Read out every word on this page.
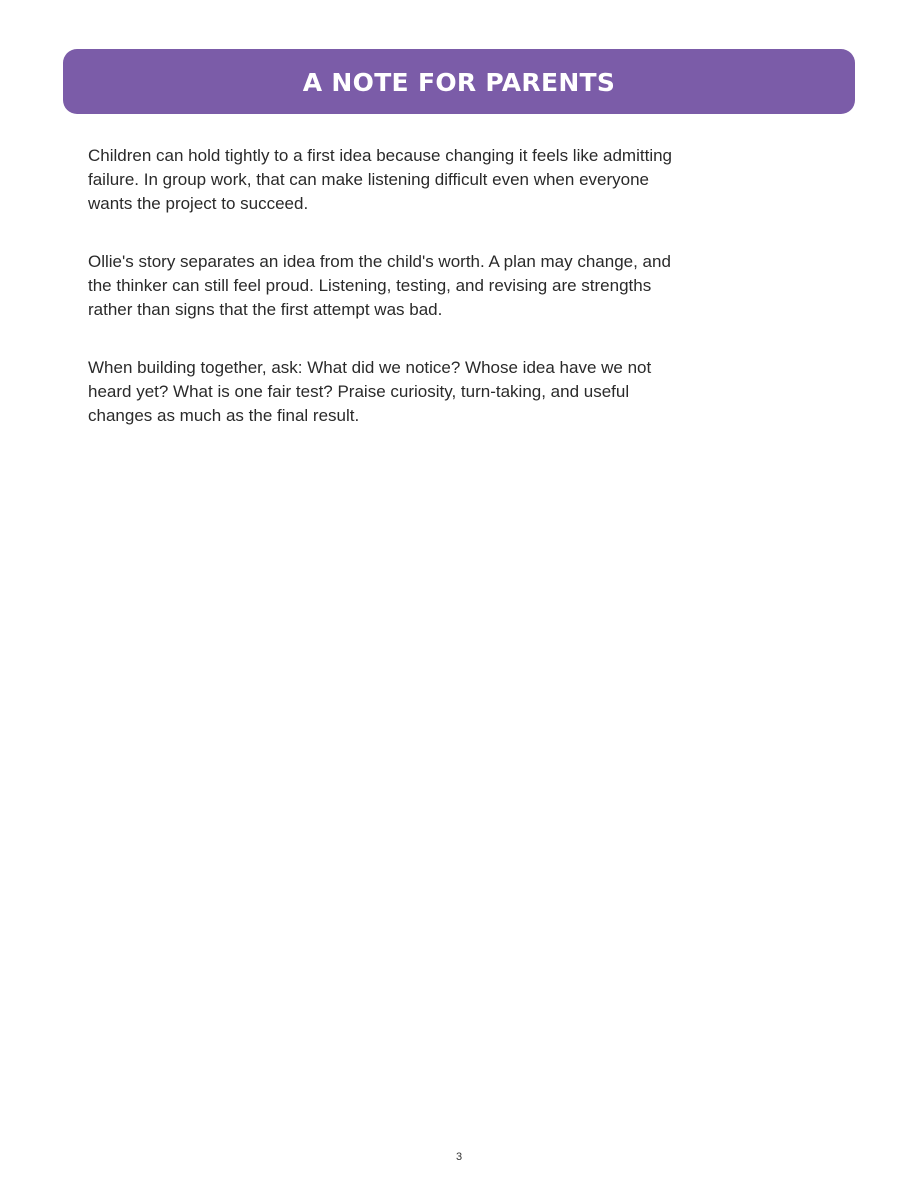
A NOTE FOR PARENTS

Children can hold tightly to a first idea because changing it feels like admitting failure. In group work, that can make listening difficult even when everyone wants the project to succeed.

Ollie's story separates an idea from the child's worth. A plan may change, and the thinker can still feel proud. Listening, testing, and revising are strengths rather than signs that the first attempt was bad.

When building together, ask: What did we notice? Whose idea have we not heard yet? What is one fair test? Praise curiosity, turn-taking, and useful changes as much as the final result.

3
